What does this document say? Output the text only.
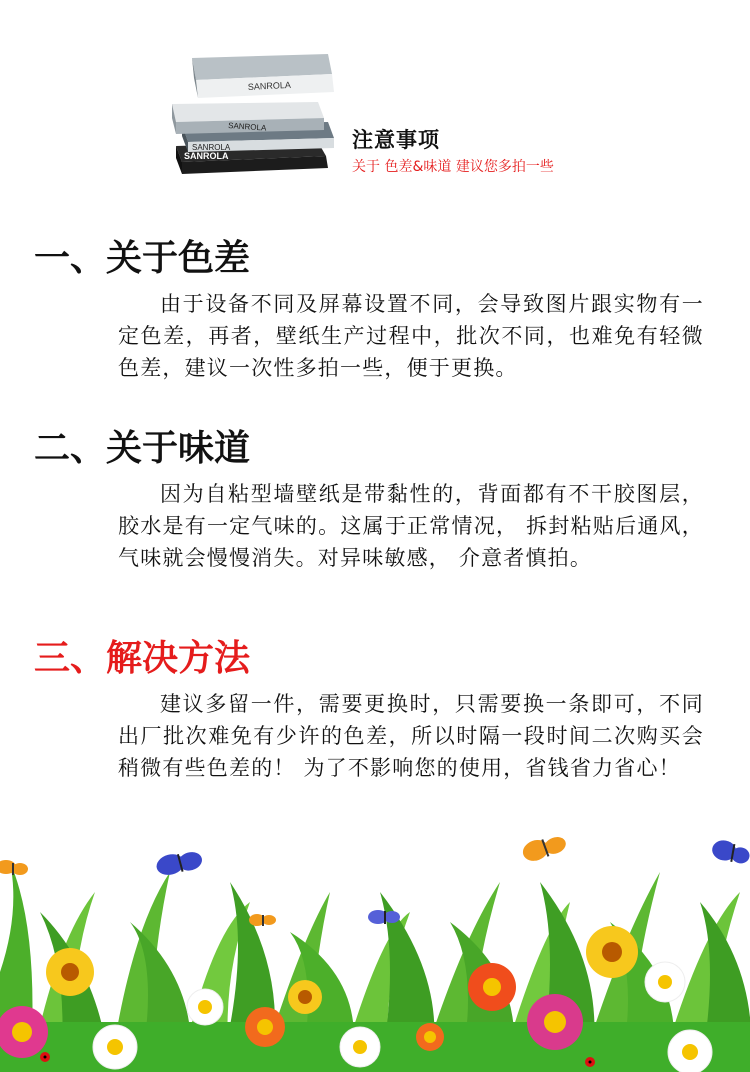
SANROLA
SANROLA
SANROLA
SANROLA
注意事项
关于 色差&味道 建议您多拍一些
一、关于色差

由于设备不同及屏幕设置不同，会导致图片跟实物有一定色差，再者，壁纸生产过程中，批次不同，也难免有轻微色差，建议一次性多拍一些，便于更换。

二、关于味道

因为自粘型墙壁纸是带黏性的，背面都有不干胶图层， 胶水是有一定气味的。这属于正常情况， 拆封粘贴后通风， 气味就会慢慢消失。对异味敏感， 介意者慎拍。

三、解决方法

建议多留一件，需要更换时，只需要换一条即可，不同出厂批次难免有少许的色差，所以时隔一段时间二次购买会稍微有些色差的！ 为了不影响您的使用，省钱省力省心！
